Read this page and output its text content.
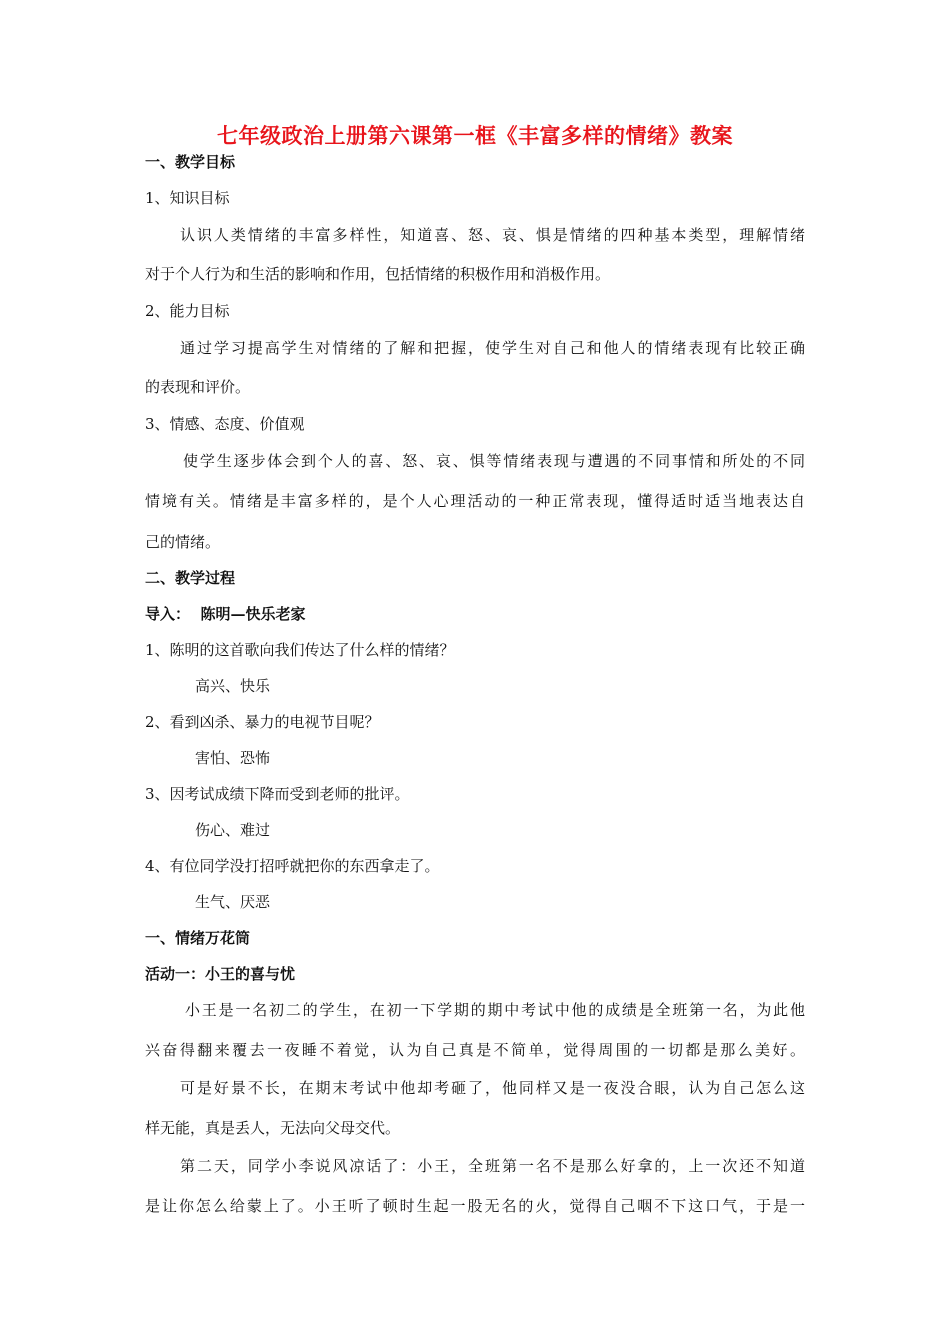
七年级政治上册第六课第一框《丰富多样的情绪》教案
一、教学目标
1、知识目标
认识人类情绪的丰富多样性，知道喜、怒、哀、惧是情绪的四种基本类型，理解情绪
对于个人行为和生活的影响和作用，包括情绪的积极作用和消极作用。
2、能力目标
通过学习提高学生对情绪的了解和把握，使学生对自己和他人的情绪表现有比较正确
的表现和评价。
3、情感、态度、价值观
使学生逐步体会到个人的喜、怒、哀、惧等情绪表现与遭遇的不同事情和所处的不同
情境有关。情绪是丰富多样的，是个人心理活动的一种正常表现，懂得适时适当地表达自
己的情绪。
二、教学过程
导入：  陈明—快乐老家
1、陈明的这首歌向我们传达了什么样的情绪？
高兴、快乐
2、看到凶杀、暴力的电视节目呢？
害怕、恐怖
3、因考试成绩下降而受到老师的批评。
伤心、难过
4、有位同学没打招呼就把你的东西拿走了。
生气、厌恶
一、情绪万花筒
活动一：小王的喜与忧
小王是一名初二的学生，在初一下学期的期中考试中他的成绩是全班第一名，为此他
兴奋得翻来覆去一夜睡不着觉，认为自己真是不简单，觉得周围的一切都是那么美好。
可是好景不长，在期末考试中他却考砸了，他同样又是一夜没合眼，认为自己怎么这
样无能，真是丢人，无法向父母交代。
第二天，同学小李说风凉话了：小王，全班第一名不是那么好拿的，上一次还不知道
是让你怎么给蒙上了。小王听了顿时生起一股无名的火，觉得自己咽不下这口气，于是一
